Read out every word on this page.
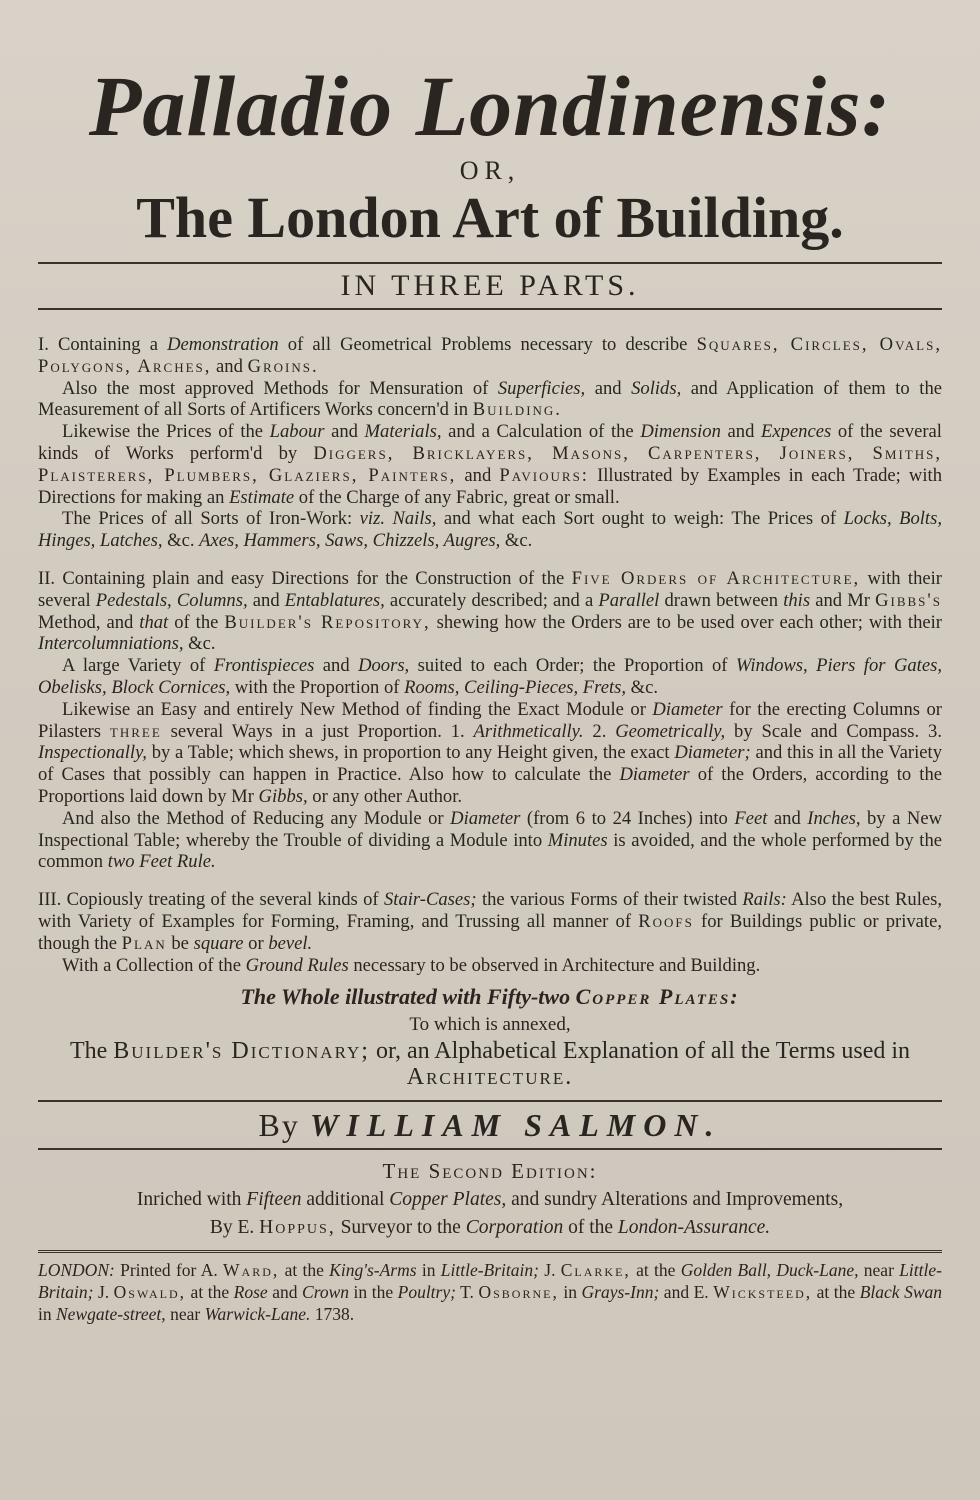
Palladio Londinensis:
OR,
The London Art of Building.
IN THREE PARTS.

I. Containing a Demonstration of all Geometrical Problems necessary to describe Squares, Circles, Ovals, Polygons, Arches, and Groins.

Also the most approved Methods for Mensuration of Superficies, and Solids, and Application of them to the Measurement of all Sorts of Artificers Works concern'd in Building.

Likewise the Prices of the Labour and Materials, and a Calculation of the Dimension and Expences of the several kinds of Works perform'd by Diggers, Bricklayers, Masons, Carpenters, Joiners, Smiths, Plaisterers, Plumbers, Glaziers, Painters, and Paviours: Illustrated by Examples in each Trade; with Directions for making an Estimate of the Charge of any Fabric, great or small.

The Prices of all Sorts of Iron-Work: viz. Nails, and what each Sort ought to weigh: The Prices of Locks, Bolts, Hinges, Latches, &c. Axes, Hammers, Saws, Chizzels, Augres, &c.

II. Containing plain and easy Directions for the Construction of the Five Orders of Architecture, with their several Pedestals, Columns, and Entablatures, accurately described; and a Parallel drawn between this and Mr Gibbs's Method, and that of the Builder's Repository, shewing how the Orders are to be used over each other; with their Intercolumniations, &c.

A large Variety of Frontispieces and Doors, suited to each Order; the Proportion of Windows, Piers for Gates, Obelisks, Block Cornices, with the Proportion of Rooms, Ceiling-Pieces, Frets, &c.

Likewise an Easy and entirely New Method of finding the Exact Module or Diameter for the erecting Columns or Pilasters three several Ways in a just Proportion. 1. Arithmetically. 2. Geometrically, by Scale and Compass. 3. Inspectionally, by a Table; which shews, in proportion to any Height given, the exact Diameter; and this in all the Variety of Cases that possibly can happen in Practice. Also how to calculate the Diameter of the Orders, according to the Proportions laid down by Mr Gibbs, or any other Author.

And also the Method of Reducing any Module or Diameter (from 6 to 24 Inches) into Feet and Inches, by a New Inspectional Table; whereby the Trouble of dividing a Module into Minutes is avoided, and the whole performed by the common two Feet Rule.

III. Copiously treating of the several kinds of Stair-Cases; the various Forms of their twisted Rails: Also the best Rules, with Variety of Examples for Forming, Framing, and Trussing all manner of Roofs for Buildings public or private, though the Plan be square or bevel.

With a Collection of the Ground Rules necessary to be observed in Architecture and Building.

The Whole illustrated with Fifty-two Copper Plates:
To which is annexed,
The Builder's Dictionary; or, an Alphabetical Explanation of all the Terms used in Architecture.
By WILLIAM SALMON.
The Second Edition:
Inriched with Fifteen additional Copper Plates, and sundry Alterations and Improvements,
By E. Hoppus, Surveyor to the Corporation of the London-Assurance.
LONDON: Printed for A. Ward, at the King's-Arms in Little-Britain; J. Clarke, at the Golden Ball, Duck-Lane, near Little-Britain; J. Oswald, at the Rose and Crown in the Poultry; T. Osborne, in Grays-Inn; and E. Wicksteed, at the Black Swan in Newgate-street, near Warwick-Lane. 1738.
